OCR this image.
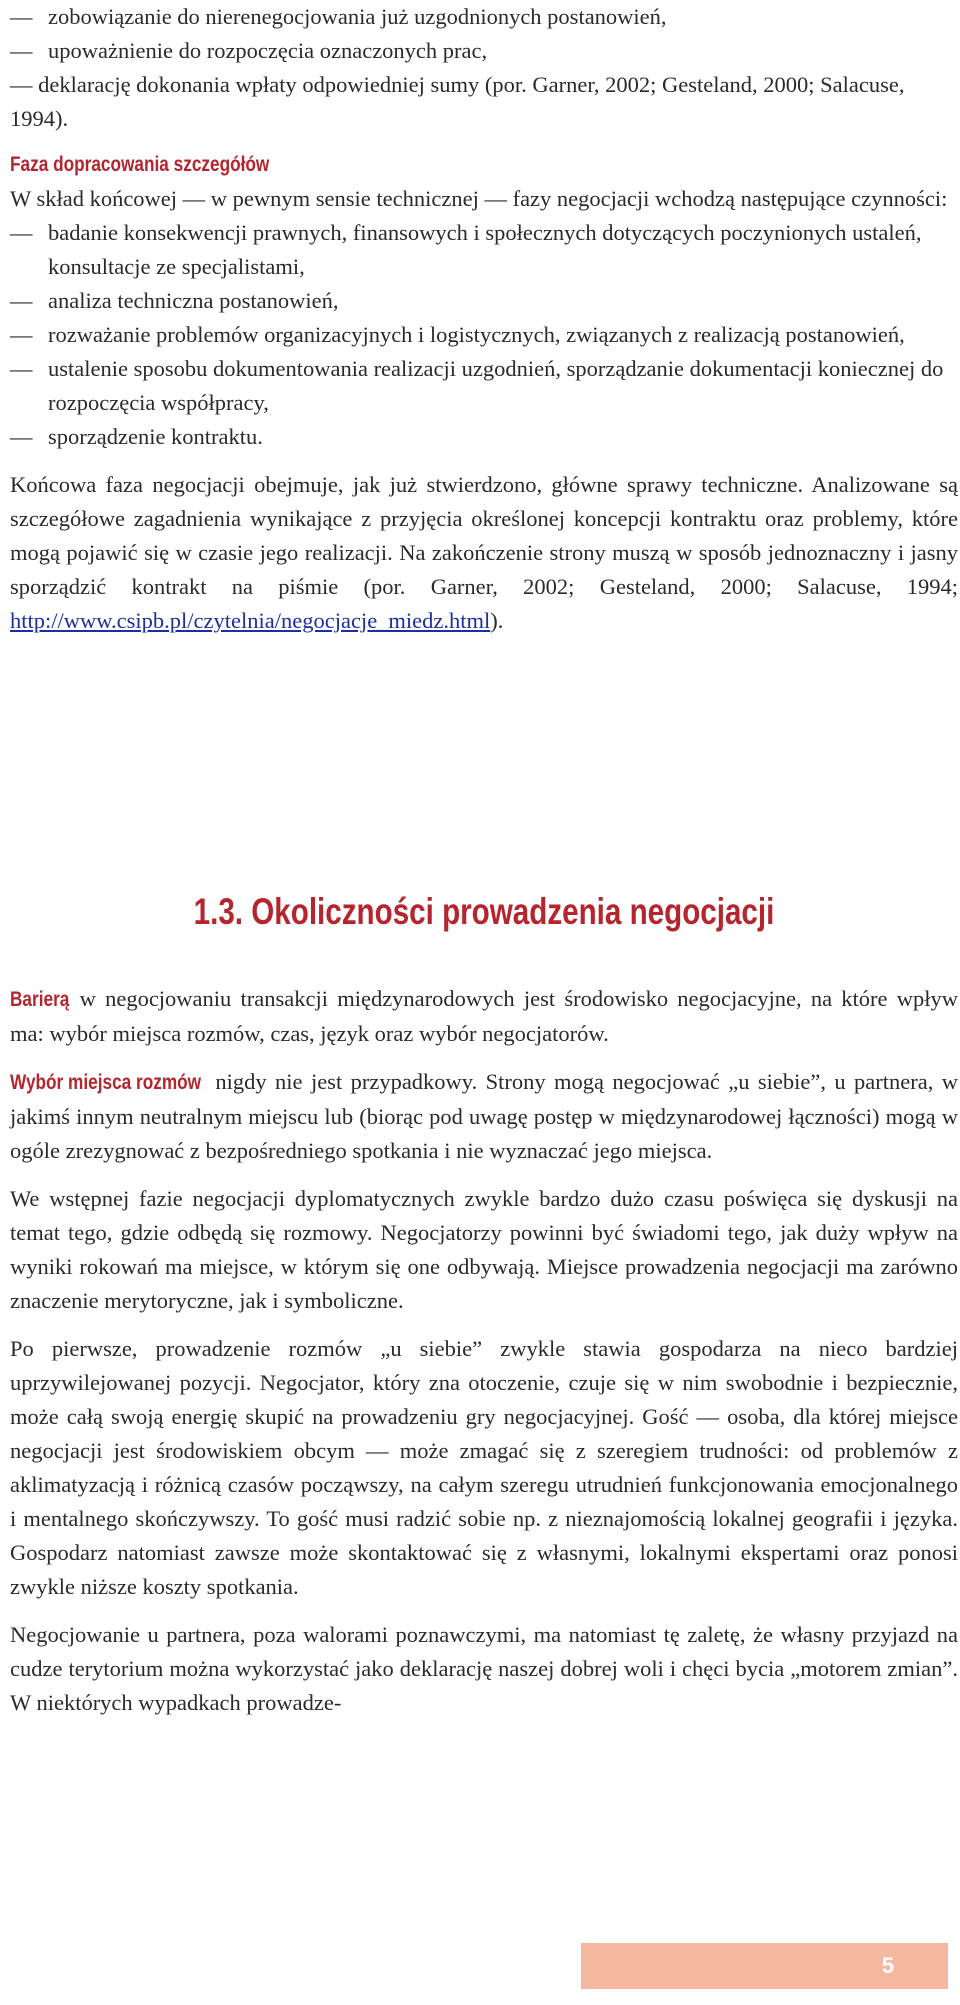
— zobowiązanie do nierenegocjowania już uzgodnionych postanowień,
— upoważnienie do rozpoczęcia oznaczonych prac,
— deklarację dokonania wpłaty odpowiedniej sumy (por. Garner, 2002; Gesteland, 2000; Salacuse, 1994).
Faza dopracowania szczegółów

W skład końcowej — w pewnym sensie technicznej — fazy negocjacji wchodzą następujące czynności:

— badanie konsekwencji prawnych, finansowych i społecznych dotyczących poczynionych ustaleń, konsultacje ze specjalistami,
— analiza techniczna postanowień,
— rozważanie problemów organizacyjnych i logistycznych, związanych z realizacją postanowień,
— ustalenie sposobu dokumentowania realizacji uzgodnień, sporządzanie dokumentacji koniecznej do rozpoczęcia współpracy,
— sporządzenie kontraktu.

Końcowa faza negocjacji obejmuje, jak już stwierdzono, główne sprawy techniczne. Analizowane są szczegółowe zagadnienia wynikające z przyjęcia określonej koncepcji kontraktu oraz problemy, które mogą pojawić się w czasie jego realizacji. Na zakończenie strony muszą w sposób jednoznaczny i jasny sporządzić kontrakt na piśmie (por. Garner, 2002; Gesteland, 2000; Salacuse, 1994; http://www.csipb.pl/czytelnia/negocjacje_miedz.html).

1.3. Okoliczności prowadzenia negocjacji

Barierą w negocjowaniu transakcji międzynarodowych jest środowisko negocjacyjne, na które wpływ ma: wybór miejsca rozmów, czas, język oraz wybór negocjatorów.

Wybór miejsca rozmów nigdy nie jest przypadkowy. Strony mogą negocjować „u siebie”, u partnera, w jakimś innym neutralnym miejscu lub (biorąc pod uwagę postęp w międzynarodowej łączności) mogą w ogóle zrezygnować z bezpośredniego spotkania i nie wyznaczać jego miejsca.

We wstępnej fazie negocjacji dyplomatycznych zwykle bardzo dużo czasu poświęca się dyskusji na temat tego, gdzie odbędą się rozmowy. Negocjatorzy powinni być świadomi tego, jak duży wpływ na wyniki rokowań ma miejsce, w którym się one odbywają. Miejsce prowadzenia negocjacji ma zarówno znaczenie merytoryczne, jak i symboliczne.

Po pierwsze, prowadzenie rozmów „u siebie” zwykle stawia gospodarza na nieco bardziej uprzywilejowanej pozycji. Negocjator, który zna otoczenie, czuje się w nim swobodnie i bezpiecznie, może całą swoją energię skupić na prowadzeniu gry negocjacyjnej. Gość — osoba, dla której miejsce negocjacji jest środowiskiem obcym — może zmagać się z szeregiem trudności: od problemów z aklimatyzacją i różnicą czasów począwszy, na całym szeregu utrudnień funkcjonowania emocjonalnego i mentalnego skończywszy. To gość musi radzić sobie np. z nieznajomością lokalnej geografii i języka. Gospodarz natomiast zawsze może skontaktować się z własnymi, lokalnymi ekspertami oraz ponosi zwykle niższe koszty spotkania.

Negocjowanie u partnera, poza walorami poznawczymi, ma natomiast tę zaletę, że własny przyjazd na cudze terytorium można wykorzystać jako deklarację naszej dobrej woli i chęci bycia „motorem zmian”. W niektórych wypadkach prowadze-

5
